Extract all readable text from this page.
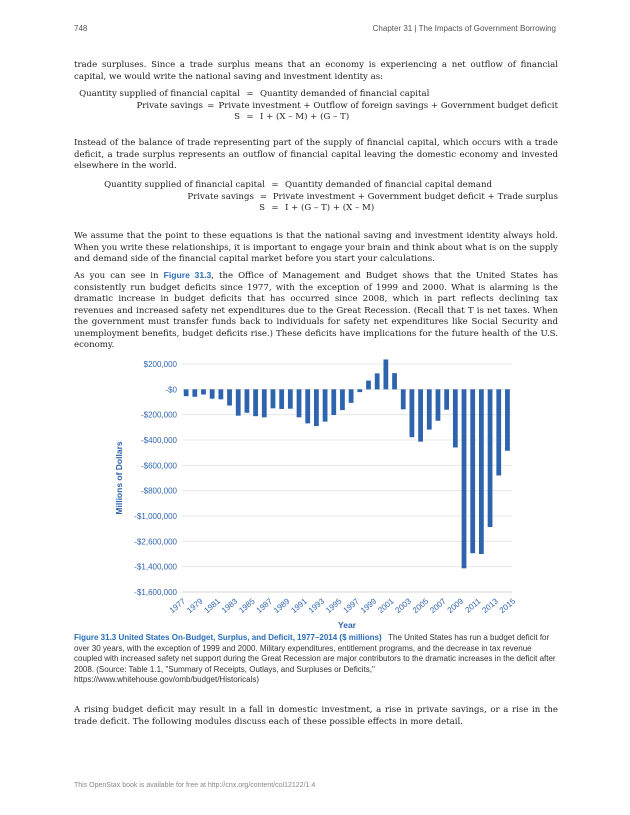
748	Chapter 31 | The Impacts of Government Borrowing

trade surpluses. Since a trade surplus means that an economy is experiencing a net outflow of financial capital, we would write the national saving and investment identity as:

Quantity supplied of financial capital = Quantity demanded of financial capital
Private savings = Private investment + Outflow of foreign savings + Government budget deficit
S = I + (X – M) + (G – T)

Instead of the balance of trade representing part of the supply of financial capital, which occurs with a trade deficit, a trade surplus represents an outflow of financial capital leaving the domestic economy and invested elsewhere in the world.

Quantity supplied of financial capital = Quantity demanded of financial capital demand
Private savings = Private investment + Government budget deficit + Trade surplus
S = I + (G – T) + (X – M)

We assume that the point to these equations is that the national saving and investment identity always hold. When you write these relationships, it is important to engage your brain and think about what is on the supply and demand side of the financial capital market before you start your calculations.

As you can see in Figure 31.3, the Office of Management and Budget shows that the United States has consistently run budget deficits since 1977, with the exception of 1999 and 2000. What is alarming is the dramatic increase in budget deficits that has occurred since 2008, which in part reflects declining tax revenues and increased safety net expenditures due to the Great Recession. (Recall that T is net taxes. When the government must transfer funds back to individuals for safety net expenditures like Social Security and unemployment benefits, budget deficits rise.) These deficits have implications for the future health of the U.S. economy.

$200,000
-$0
-$200,000
-$400,000
-$600,000
-$800,000
-$1,000,000
-$2,600,000
-$1,400,000
-$1,600,000
1977
1979
1981
1983
1985
1987
1989
1991
1993
1995
1997
1999
2001
2003
2005
2007
2009
2011
2013
2015
Year
Millions of Dollars
Figure 31.3 United States On-Budget, Surplus, and Deficit, 1977–2014 ($ millions) The United States has run a budget deficit for over 30 years, with the exception of 1999 and 2000. Military expenditures, entitlement programs, and the decrease in tax revenue coupled with increased safety net support during the Great Recession are major contributors to the dramatic increases in the deficit after 2008. (Source: Table 1.1, "Summary of Receipts, Outlays, and Surpluses or Deficits," https://www.whitehouse.gov/omb/budget/Historicals)

A rising budget deficit may result in a fall in domestic investment, a rise in private savings, or a rise in the trade deficit. The following modules discuss each of these possible effects in more detail.

This OpenStax book is available for free at http://cnx.org/content/col12122/1.4
